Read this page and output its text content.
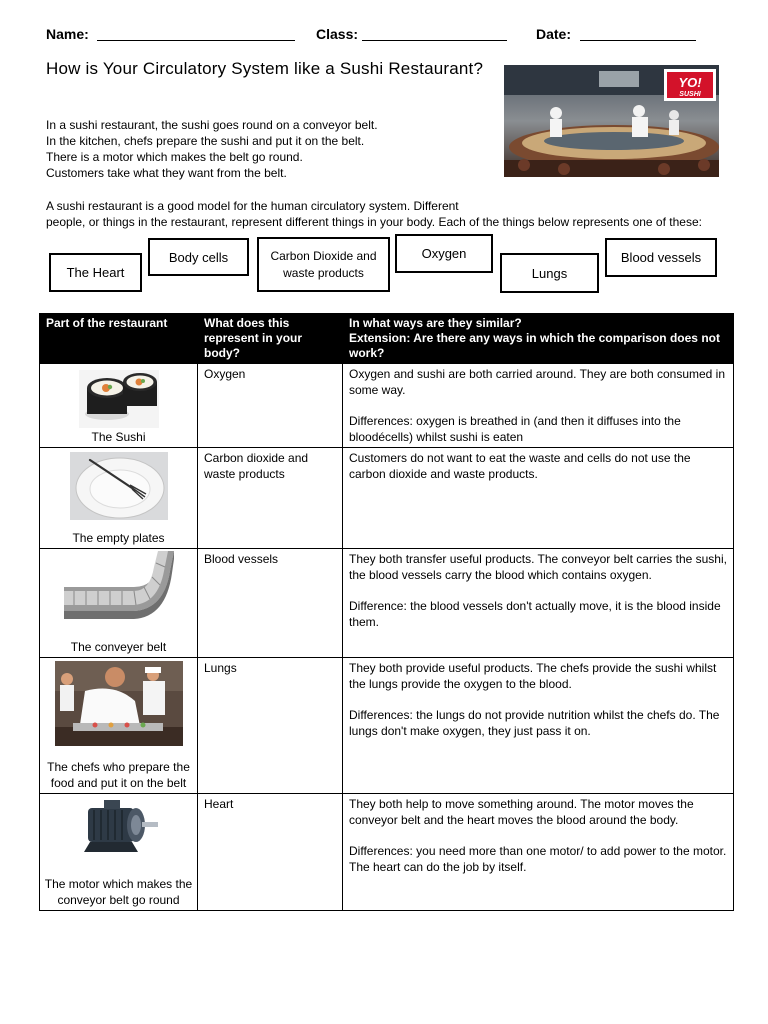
Name:	Class:	Date:
How is Your Circulatory System like a Sushi Restaurant?

In a sushi restaurant, the sushi goes round on a conveyor belt.

In the kitchen, chefs prepare the sushi and put it on the belt.

There is a motor which makes the belt go round.

Customers take what they want from the belt.

YO!
SUSHI

A sushi restaurant is a good model for the human circulatory system. Different

people, or things in the restaurant, represent different things in your body. Each of the things below represents one of these:

The Heart
Body cells	Carbon Dioxide and waste products
Oxygen
Lungs
Blood vessels
Part of the restaurant	What does this represent in your body?	In what ways are they similar?
Extension: Are there any ways in which the comparison does not work?

The Sushi	Oxygen	Oxygen and sushi are both carried around. They are both consumed in some way.

Differences: oxygen is breathed in (and then it diffuses into the bloodécells) whilst sushi is eaten

The empty plates	Carbon dioxide and waste products	Customers do not want to eat the waste and cells do not use the carbon dioxide and waste products.

The conveyer belt	Blood vessels	They both transfer useful products. The conveyor belt carries the sushi, the blood vessels carry the blood which contains oxygen.

Difference: the blood vessels don't actually move, it is the blood inside them.

The chefs who prepare the food and put it on the belt	Lungs	They both provide useful products. The chefs provide the sushi whilst the lungs provide the oxygen to the blood.

Differences: the lungs do not provide nutrition whilst the chefs do. The lungs don't make oxygen, they just pass it on.

The motor which makes the conveyor belt go round	Heart	They both help to move something around. The motor moves the conveyor belt and the heart moves the blood around the body.

Differences: you need more than one motor/ to add power to the motor. The heart can do the job by itself.
